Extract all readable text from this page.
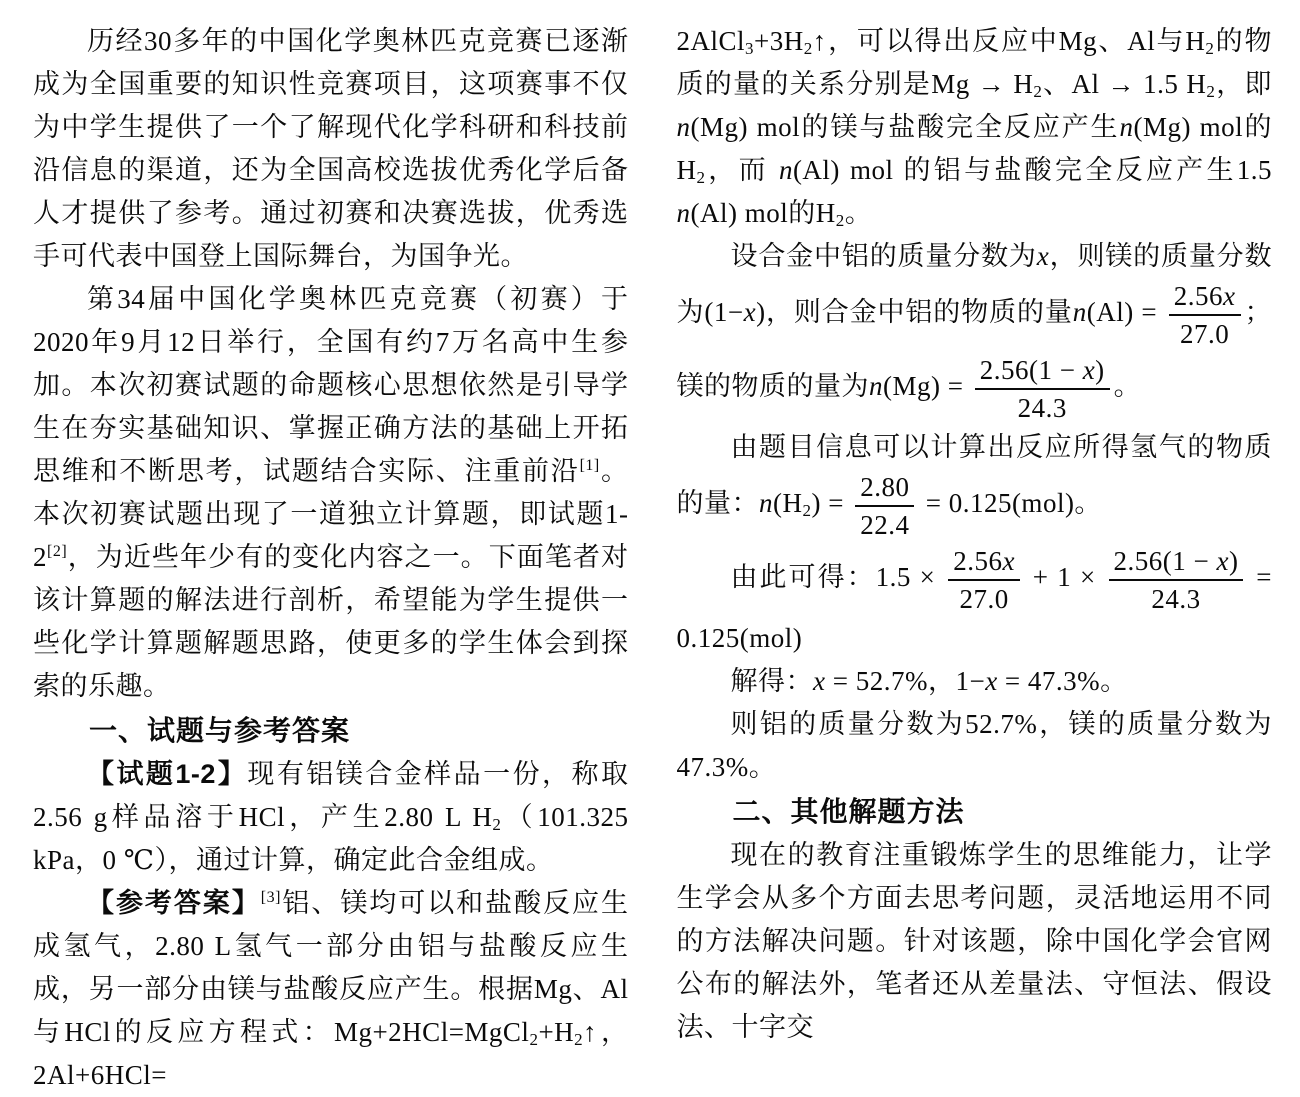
历经30多年的中国化学奥林匹克竞赛已逐渐成为全国重要的知识性竞赛项目，这项赛事不仅为中学生提供了一个了解现代化学科研和科技前沿信息的渠道，还为全国高校选拔优秀化学后备人才提供了参考。通过初赛和决赛选拔，优秀选手可代表中国登上国际舞台，为国争光。

第34届中国化学奥林匹克竞赛（初赛）于2020年9月12日举行，全国有约7万名高中生参加。本次初赛试题的命题核心思想依然是引导学生在夯实基础知识、掌握正确方法的基础上开拓思维和不断思考，试题结合实际、注重前沿[1]。本次初赛试题出现了一道独立计算题，即试题1-2[2]，为近些年少有的变化内容之一。下面笔者对该计算题的解法进行剖析，希望能为学生提供一些化学计算题解题思路，使更多的学生体会到探索的乐趣。

一、试题与参考答案

【试题1-2】现有铝镁合金样品一份，称取2.56 g样品溶于HCl，产生2.80 L $H_2(101.325$ kPa，0 ℃），通过计算，确定此合金组成。

【参考答案】[3]铝、镁均可以和盐酸反应生成氢气，2.80 L氢气一部分由铝与盐酸反应生成，另一部分由镁与盐酸反应产生。根据Mg、Al与HCl的反应方程式：$Mg+2HCl=MgCl_2+H_2↑$，2Al+6HCl=

$2AlCl_3+3H_2↑$，可以得出反应中Mg、Al与$H_2$的物质的量的关系分别是$Mg \to H_2$、Al → 1.5 $H_2$，即n(Mg) mol的镁与盐酸完全反应产生n(Mg) mol的$H_2$，而 n(Al) mol 的铝与盐酸完全反应产生1.5 n(Al) mol的$H_2$。

设合金中铝的质量分数为x，则镁的质量分数为(1−x)，则合金中铝的物质的量$n(Al) = \frac{2.56x}{27.0}$ ；镁的物质的量为$n(Mg) = \frac{2.56(1 - x)}{24.3}$ 。

由题目信息可以计算出反应所得氢气的物质的量：$n(H_2) = \frac{2.80}{22.4} = 0.125(mol)$。

由此可得：$1.5 \times \frac{2.56x}{27.0} + 1 \times \frac{2.56(1 - x)}{24.3} = 0.125(mol)$

解得：x = 52.7%，1−x = 47.3%。

则铝的质量分数为52.7%，镁的质量分数为47.3%。

二、其他解题方法

现在的教育注重锻炼学生的思维能力，让学生学会从多个方面去思考问题，灵活地运用不同的方法解决问题。针对该题，除中国化学会官网公布的解法外，笔者还从差量法、守恒法、假设法、十字交
